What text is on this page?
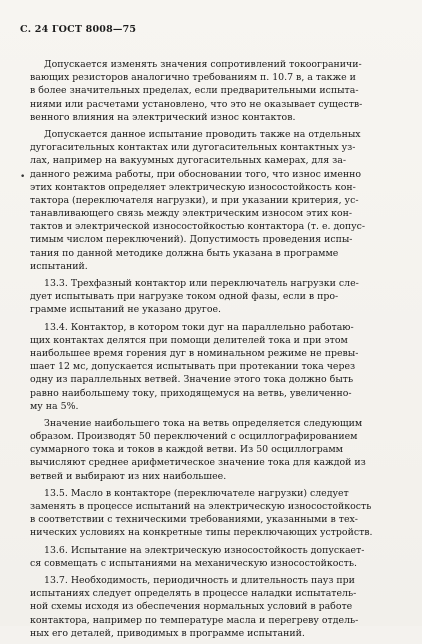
С. 24 ГОСТ 8008—75
•
Допускается изменять значения сопротивлений токоограничи-
вающих резисторов аналогично требованиям п. 10.7 в, а также и
в более значительных пределах, если предварительными испыта-
ниями или расчетами установлено, что это не оказывает существ-
венного влияния на электрический износ контактов.
Допускается данное испытание проводить также на отдельных
дугогасительных контактах или дугогасительных контактных уз-
лах, например на вакуумных дугогасительных камерах, для за-
данного режима работы, при обосновании того, что износ именно
этих контактов определяет электрическую износостойкость кон-
тактора (переключателя нагрузки), и при указании критерия, ус-
танавливающего связь между электрическим износом этих кон-
тактов и электрической износостойкостью контактора (т. е. допус-
тимым числом переключений). Допустимость проведения испы-
тания по данной методике должна быть указана в программе
испытаний.
13.3. Трехфазный контактор или переключатель нагрузки сле-
дует испытывать при нагрузке током одной фазы, если в про-
грамме испытаний не указано другое.
13.4. Контактор, в котором токи дуг на параллельно работаю-
щих контактах делятся при помощи делителей тока и при этом
наибольшее время горения дуг в номинальном режиме не превы-
шает 12 мс, допускается испытывать при протекании тока через
одну из параллельных ветвей. Значение этого тока должно быть
равно наибольшему току, приходящемуся на ветвь, увеличенно-
му на 5%.
Значение наибольшего тока на ветвь определяется следующим
образом. Производят 50 переключений с осциллографированием
суммарного тока и токов в каждой ветви. Из 50 осциллограмм
вычисляют среднее арифметическое значение тока для каждой из
ветвей и выбирают из них наибольшее.
13.5. Масло в контакторе (переключателе нагрузки) следует
заменять в процессе испытаний на электрическую износостойкость
в соответствии с техническими требованиями, указанными в тех-
нических условиях на конкретные типы переключающих устройств.
13.6. Испытание на электрическую износостойкость допускает-
ся совмещать с испытаниями на механическую износостойкость.
13.7. Необходимость, периодичность и длительность пауз при
испытаниях следует определять в процессе наладки испытатель-
ной схемы исходя из обеспечения нормальных условий в работе
контактора, например по температуре масла и перегреву отдель-
ных его деталей, приводимых в программе испытаний.
